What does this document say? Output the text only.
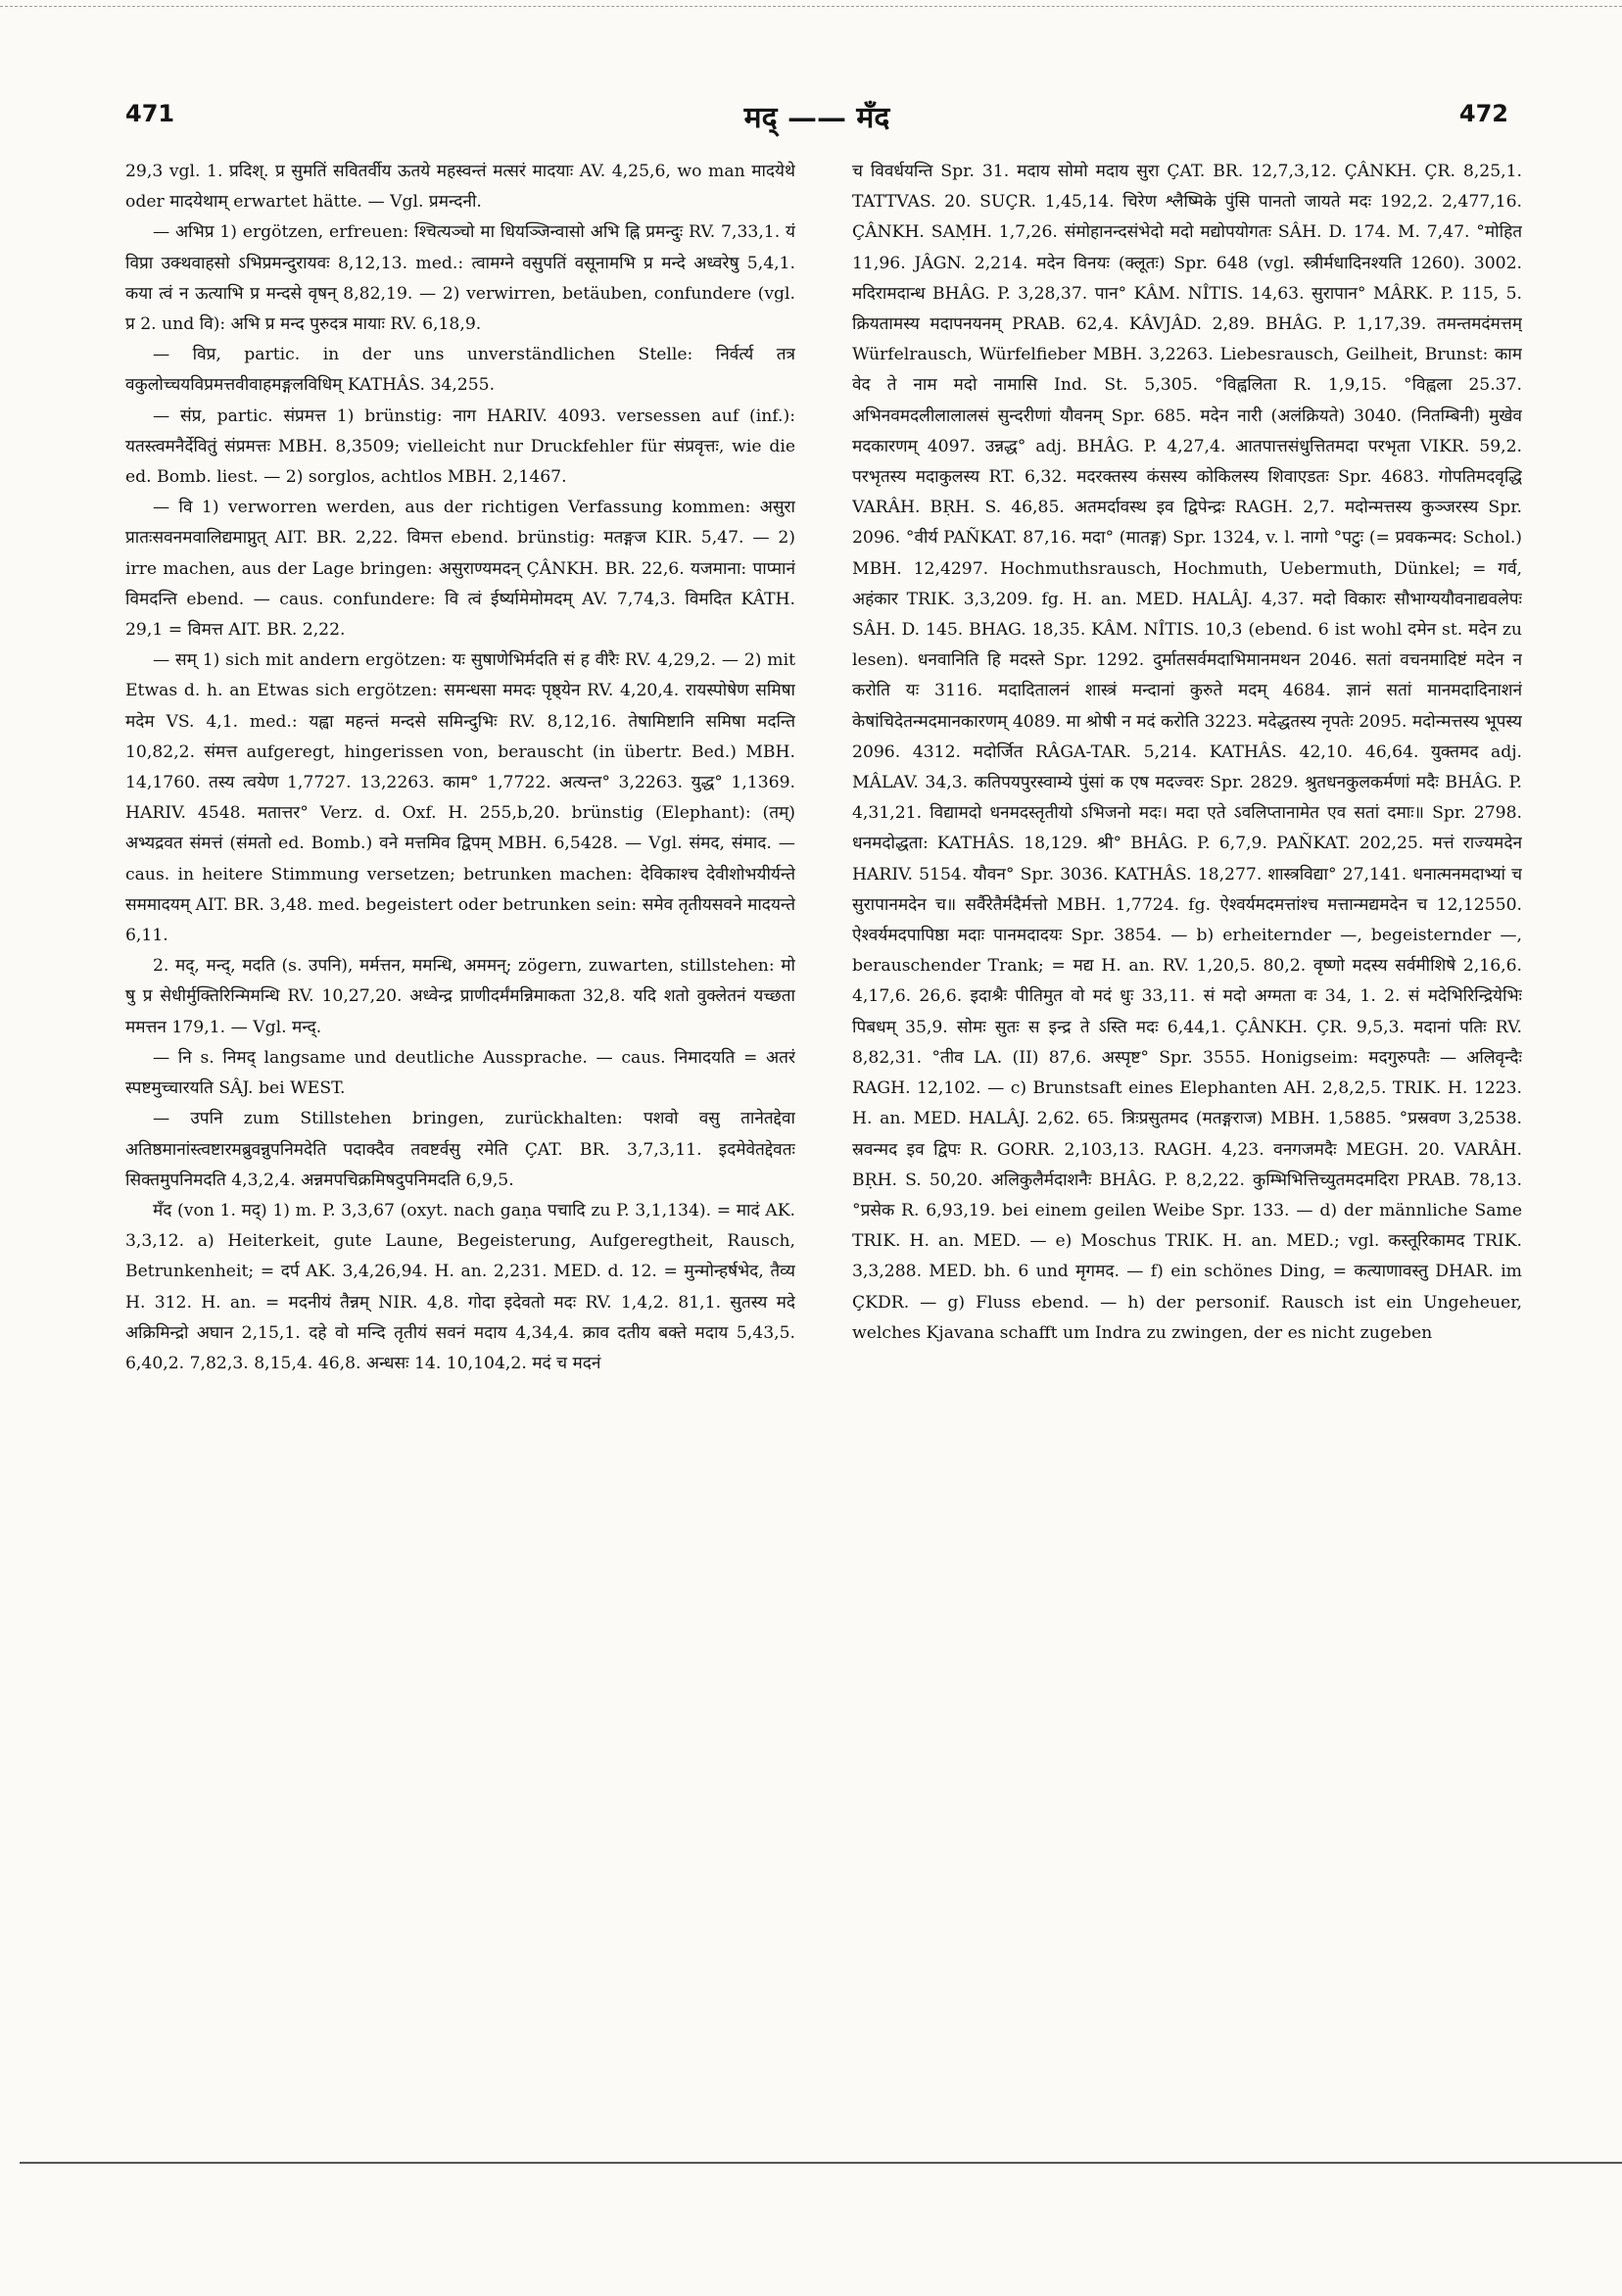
471	मद् —— मँद	472

29,3 vgl. 1. प्रदिश्. प्र सुमतिं सवितर्वीय ऊतये महस्वन्तं मत्सरं मादयाः AV. 4,25,6, wo man मादयेथे oder मादयेथाम् erwartet hätte. — Vgl. प्रमन्दनी.

— अभिप्र 1) ergötzen, erfreuen: श्चित्यञ्चो मा धियञ्जिन्वासो अभि ह्नि प्रमन्दुः RV. 7,33,1. यं विप्रा उक्थवाहसो ऽभिप्रमन्दुरायवः 8,12,13. med.: त्वामग्ने वसुपतिं वसूनामभि प्र मन्दे अध्वरेषु 5,4,1. कया त्वं न ऊत्याभि प्र मन्दसे वृषन् 8,82,19. — 2) verwirren, betäuben, confundere (vgl. प्र 2. und वि): अभि प्र मन्द पुरुदत्र मायाः RV. 6,18,9.

— विप्र, partic. in der uns unverständlichen Stelle: निर्वर्त्य तत्र वकुलोच्चयविप्रमत्तवीवाहमङ्गलविधिम् KATHÂS. 34,255.

— संप्र, partic. संप्रमत्त 1) brünstig: नाग HARIV. 4093. versessen auf (inf.): यतस्त्वमनैर्देवितुं संप्रमत्तः MBH. 8,3509; vielleicht nur Druckfehler für संप्रवृत्तः, wie die ed. Bomb. liest. — 2) sorglos, achtlos MBH. 2,1467.

— वि 1) verworren werden, aus der richtigen Verfassung kommen: असुरा प्रातःसवनमवालिद्यमाप्नुत् AIT. BR. 2,22. विमत्त ebend. brünstig: मतङ्गज KIR. 5,47. — 2) irre machen, aus der Lage bringen: असुराण्यमदन् ÇÂNKH. BR. 22,6. यजमाना: पाप्मानं विमदन्ति ebend. — caus. confundere: वि त्वं ईर्ष्यामेमोमदम् AV. 7,74,3. विमदित KÂTH. 29,1 = विमत्त AIT. BR. 2,22.

— सम् 1) sich mit andern ergötzen: यः सुषाणेभिर्मदति सं ह वीरैः RV. 4,29,2. — 2) mit Etwas d. h. an Etwas sich ergötzen: समन्धसा ममदः पृष्ठ्येन RV. 4,20,4. रायस्पोषेण समिषा मदेम VS. 4,1. med.: यह्वा महन्तं मन्दसे समिन्दुभिः RV. 8,12,16. तेषामिष्टानि समिषा मदन्ति 10,82,2. संमत्त aufgeregt, hingerissen von, berauscht (in übertr. Bed.) MBH. 14,1760. तस्य त्वयेण 1,7727. 13,2263. काम° 1,7722. अत्यन्त° 3,2263. युद्ध° 1,1369. HARIV. 4548. मतात्तर° Verz. d. Oxf. H. 255,b,20. brünstig (Elephant): (तम्) अभ्यद्रवत संमत्तं (संमतो ed. Bomb.) वने मत्तमिव द्विपम् MBH. 6,5428. — Vgl. संमद, संमाद. — caus. in heitere Stimmung versetzen; betrunken machen: देविकाश्च देवीशोभयीर्यन्ते सममादयम् AIT. BR. 3,48. med. begeistert oder betrunken sein: समेव तृतीयसवने मादयन्ते 6,11.

2. मद्, मन्द्, मदति (s. उपनि), मर्मत्तन, ममन्धि, अममन्; zögern, zuwarten, stillstehen: मो षु प्र सेधीर्मुक्तिरिन्मिमन्धि RV. 10,27,20. अध्वेन्द्र प्राणीदर्मंमन्निमाकता 32,8. यदि शतो वुक्लेतनं यच्छता ममत्तन 179,1. — Vgl. मन्द्.

— नि s. निमद् langsame und deutliche Aussprache. — caus. निमादयति = अतरं स्पष्टमुच्चारयति SÂJ. bei WEST.

— उपनि zum Stillstehen bringen, zurückhalten: पशवो वसु तानेतद्देवा अतिष्ठमानांस्त्वष्टारमब्रुवन्नुपनिमदेति पदाक्दैव तवष्टर्वसु रमेति ÇAT. BR. 3,7,3,11. इदमेवेतद्देवतः सिक्तमुपनिमदति 4,3,2,4. अन्नमपचिक्रमिषदुपनिमदति 6,9,5.

मँद (von 1. मद्) 1) m. P. 3,3,67 (oxyt. nach gaṇa पचादि zu P. 3,1,134). = मादं AK. 3,3,12. a) Heiterkeit, gute Laune, Begeisterung, Aufgeregtheit, Rausch, Betrunkenheit; = दर्प AK. 3,4,26,94. H. an. 2,231. MED. d. 12. = मुन्मोन्हर्षभेद, तैव्य H. 312. H. an. = मदनीयं तैन्नम् NIR. 4,8. गोदा इदेवतो मदः RV. 1,4,2. 81,1. सुतस्य मदे अक्रिमिन्द्रो अघान 2,15,1. दहे वो मन्दि तृतीयं सवनं मदाय 4,34,4. क्राव दतीय बक्ते मदाय 5,43,5. 6,40,2. 7,82,3. 8,15,4. 46,8. अन्धसः 14. 10,104,2. मदं च मदनं

च विवर्धयन्ति Spr. 31. मदाय सोमो मदाय सुरा ÇAT. BR. 12,7,3,12. ÇÂNKH. ÇR. 8,25,1. TATTVAS. 20. SUÇR. 1,45,14. चिरेण श्लैष्मिके पुंसि पानतो जायते मदः 192,2. 2,477,16. ÇÂNKH. SAṂH. 1,7,26. संमोहानन्दसंभेदो मदो मद्योपयोगतः SÂH. D. 174. M. 7,47. °मोहित 11,96. JÂGN. 2,214. मदेन विनयः (क्लूतः) Spr. 648 (vgl. स्त्रीर्मधादिनश्यति 1260). 3002. मदिरामदान्ध BHÂG. P. 3,28,37. पान° KÂM. NÎTIS. 14,63. सुरापान° MÂRK. P. 115, 5. क्रियतामस्य मदापनयनम् PRAB. 62,4. KÂVJÂD. 2,89. BHÂG. P. 1,17,39. तमन्तमदंमत्तम् Würfelrausch, Würfelfieber MBH. 3,2263. Liebesrausch, Geilheit, Brunst: काम वेद ते नाम मदो नामासि Ind. St. 5,305. °विह्वलिता R. 1,9,15. °विह्वला 25.37. अभिनवमदलीलालालसं सुन्दरीणां यौवनम् Spr. 685. मदेन नारी (अलंक्रियते) 3040. (नितम्बिनी) मुखेव मदकारणम् 4097. उन्नद्ध° adj. BHÂG. P. 4,27,4. आतपात्तसंधुत्तितमदा परभृता VIKR. 59,2. परभृतस्य मदाकुलस्य RT. 6,32. मदरक्तस्य कंसस्य कोकिलस्य शिवाएडतः Spr. 4683. गोपतिमदवृद्धि VARÂH. BṚH. S. 46,85. अतमर्दावस्थ इव द्विपेन्द्रः RAGH. 2,7. मदोन्मत्तस्य कुञ्जरस्य Spr. 2096. °वीर्य PAÑKAT. 87,16. मदा° (मातङ्ग) Spr. 1324, v. l. नागो °पटुः (= प्रवकन्मद: Schol.) MBH. 12,4297. Hochmuthsrausch, Hochmuth, Uebermuth, Dünkel; = गर्व, अहंकार TRIK. 3,3,209. fg. H. an. MED. HALÂJ. 4,37. मदो विकारः सौभाग्ययौवनाद्यवलेपः SÂH. D. 145. BHAG. 18,35. KÂM. NÎTIS. 10,3 (ebend. 6 ist wohl दमेन st. मदेन zu lesen). धनवानिति हि मदस्ते Spr. 1292. दुर्मातसर्वमदाभिमानमथन 2046. सतां वचनमादिष्टं मदेन न करोति यः 3116. मदादितालनं शास्त्रं मन्दानां कुरुते मदम् 4684. ज्ञानं सतां मानमदादिनाशनं केषांचिदेतन्मदमानकारणम् 4089. मा श्रोषी न मदं करोति 3223. मदेद्धतस्य नृपतेः 2095. मदोन्मत्तस्य भूपस्य 2096. 4312. मदोर्जित RÂGA-TAR. 5,214. KATHÂS. 42,10. 46,64. युक्तमद adj. MÂLAV. 34,3. कतिपयपुरस्वाम्ये पुंसां क एष मदज्वरः Spr. 2829. श्रुतधनकुलकर्मणां मदैः BHÂG. P. 4,31,21. विद्यामदो धनमदस्तृतीयो ऽभिजनो मदः। मदा एते ऽवलिप्तानामेत एव सतां दमाः॥ Spr. 2798. धनमदोद्धता: KATHÂS. 18,129. श्री° BHÂG. P. 6,7,9. PAÑKAT. 202,25. मत्तं राज्यमदेन HARIV. 5154. यौवन° Spr. 3036. KATHÂS. 18,277. शास्त्रविद्या° 27,141. धनात्मनमदाभ्यां च सुरापानमदेन च॥ सर्वैरेतैर्मदैर्मत्तो MBH. 1,7724. fg. ऐश्वर्यमदमत्तांश्च मत्तान्मद्यमदेन च 12,12550. ऐश्वर्यमदपापिष्ठा मदाः पानमदादयः Spr. 3854. — b) erheiternder —, begeisternder —, berauschender Trank; = मद्य H. an. RV. 1,20,5. 80,2. वृष्णो मदस्य सर्वमीशिषे 2,16,6. 4,17,6. 26,6. इदाश्रैः पीतिमुत वो मदं धुः 33,11. सं मदो अग्मता वः 34, 1. 2. सं मदेभिरिन्द्रियेभिः पिबधम् 35,9. सोमः सुतः स इन्द्र ते ऽस्ति मदः 6,44,1. ÇÂNKH. ÇR. 9,5,3. मदानां पतिः RV. 8,82,31. °तीव LA. (II) 87,6. अस्पृष्ट° Spr. 3555. Honigseim: मदगुरुपतैः — अलिवृन्दैः RAGH. 12,102. — c) Brunstsaft eines Elephanten AH. 2,8,2,5. TRIK. H. 1223. H. an. MED. HALÂJ. 2,62. 65. त्रिःप्रसुतमद (मतङ्गराज) MBH. 1,5885. °प्रस्रवण 3,2538. स्रवन्मद इव द्विपः R. GORR. 2,103,13. RAGH. 4,23. वनगजमदैः MEGH. 20. VARÂH. BṚH. S. 50,20. अलिकुलैर्मदाशनैः BHÂG. P. 8,2,22. कुम्भिभित्तिच्युतमदमदिरा PRAB. 78,13. °प्रसेक R. 6,93,19. bei einem geilen Weibe Spr. 133. — d) der männliche Same TRIK. H. an. MED. — e) Moschus TRIK. H. an. MED.; vgl. कस्तूरिकामद TRIK. 3,3,288. MED. bh. 6 und मृगमद. — f) ein schönes Ding, = कत्याणावस्तु DHAR. im ÇKDR. — g) Fluss ebend. — h) der personif. Rausch ist ein Ungeheuer, welches Kjavana schafft um Indra zu zwingen, der es nicht zugeben
